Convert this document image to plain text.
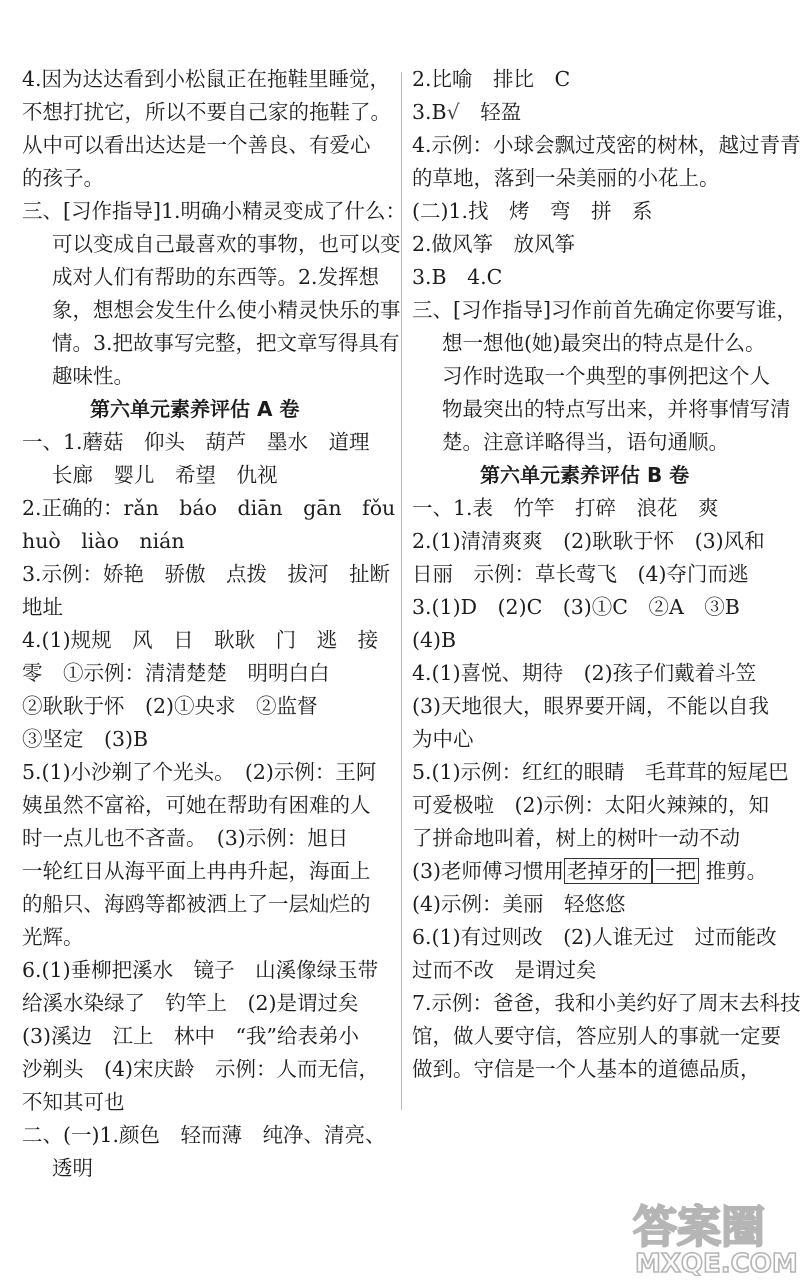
4.因为达达看到小松鼠正在拖鞋里睡觉，
不想打扰它，所以不要自己家的拖鞋了。
从中可以看出达达是一个善良、有爱心
的孩子。
三、[习作指导]1.明确小精灵变成了什么：
可以变成自己最喜欢的事物，也可以变
成对人们有帮助的东西等。2.发挥想
象，想想会发生什么使小精灵快乐的事
情。3.把故事写完整，把文章写得具有
趣味性。
第六单元素养评估 A 卷
一、1.蘑菇　仰头　葫芦　墨水　道理
长廊　婴儿　希望　仇视
2.正确的：rǎn　báo　diān　gān　fǒu
huò　liào　nián
3.示例：娇艳　骄傲　点拨　拔河　扯断
地址
4.(1)规规　风　日　耿耿　门　逃　接
零　①示例：清清楚楚　明明白白
②耿耿于怀　(2)①央求　②监督
③坚定　(3)B
5.(1)小沙剃了个光头。　(2)示例：王阿
姨虽然不富裕，可她在帮助有困难的人
时一点儿也不吝啬。　(3)示例：旭日
一轮红日从海平面上冉冉升起，海面上
的船只、海鸥等都被洒上了一层灿烂的
光辉。
6.(1)垂柳把溪水　镜子　山溪像绿玉带
给溪水染绿了　钓竿上　(2)是谓过矣
(3)溪边　江上　林中　“我”给表弟小
沙剃头　(4)宋庆龄　示例：人而无信，
不知其可也
二、(一)1.颜色　轻而薄　纯净、清亮、
透明
2.比喻　排比　C
3.B√　轻盈
4.示例：小球会飘过茂密的树林，越过青青
的草地，落到一朵美丽的小花上。
(二)1.找　烤　弯　拼　系
2.做风筝　放风筝
3.B　4.C
三、[习作指导]习作前首先确定你要写谁，
想一想他(她)最突出的特点是什么。
习作时选取一个典型的事例把这个人
物最突出的特点写出来，并将事情写清
楚。注意详略得当，语句通顺。
第六单元素养评估 B 卷
一、1.表　竹竿　打碎　浪花　爽
2.(1)清清爽爽　(2)耿耿于怀　(3)风和
日丽　示例：草长莺飞　(4)夺门而逃
3.(1)D　(2)C　(3)①C　②A　③B
(4)B
4.(1)喜悦、期待　(2)孩子们戴着斗笠
(3)天地很大，眼界要开阔，不能以自我
为中心
5.(1)示例：红红的眼睛　毛茸茸的短尾巴
可爱极啦　(2)示例：太阳火辣辣的，知
了拼命地叫着，树上的树叶一动不动
(3)老师傅习惯用 老掉牙的 一把 推剪。
(4)示例：美丽　轻悠悠
6.(1)有过则改　(2)人谁无过　过而能改
过而不改　是谓过矣
7.示例：爸爸，我和小美约好了周末去科技
馆，做人要守信，答应别人的事就一定要
做到。守信是一个人基本的道德品质，
答案圈
MXQE.COM
